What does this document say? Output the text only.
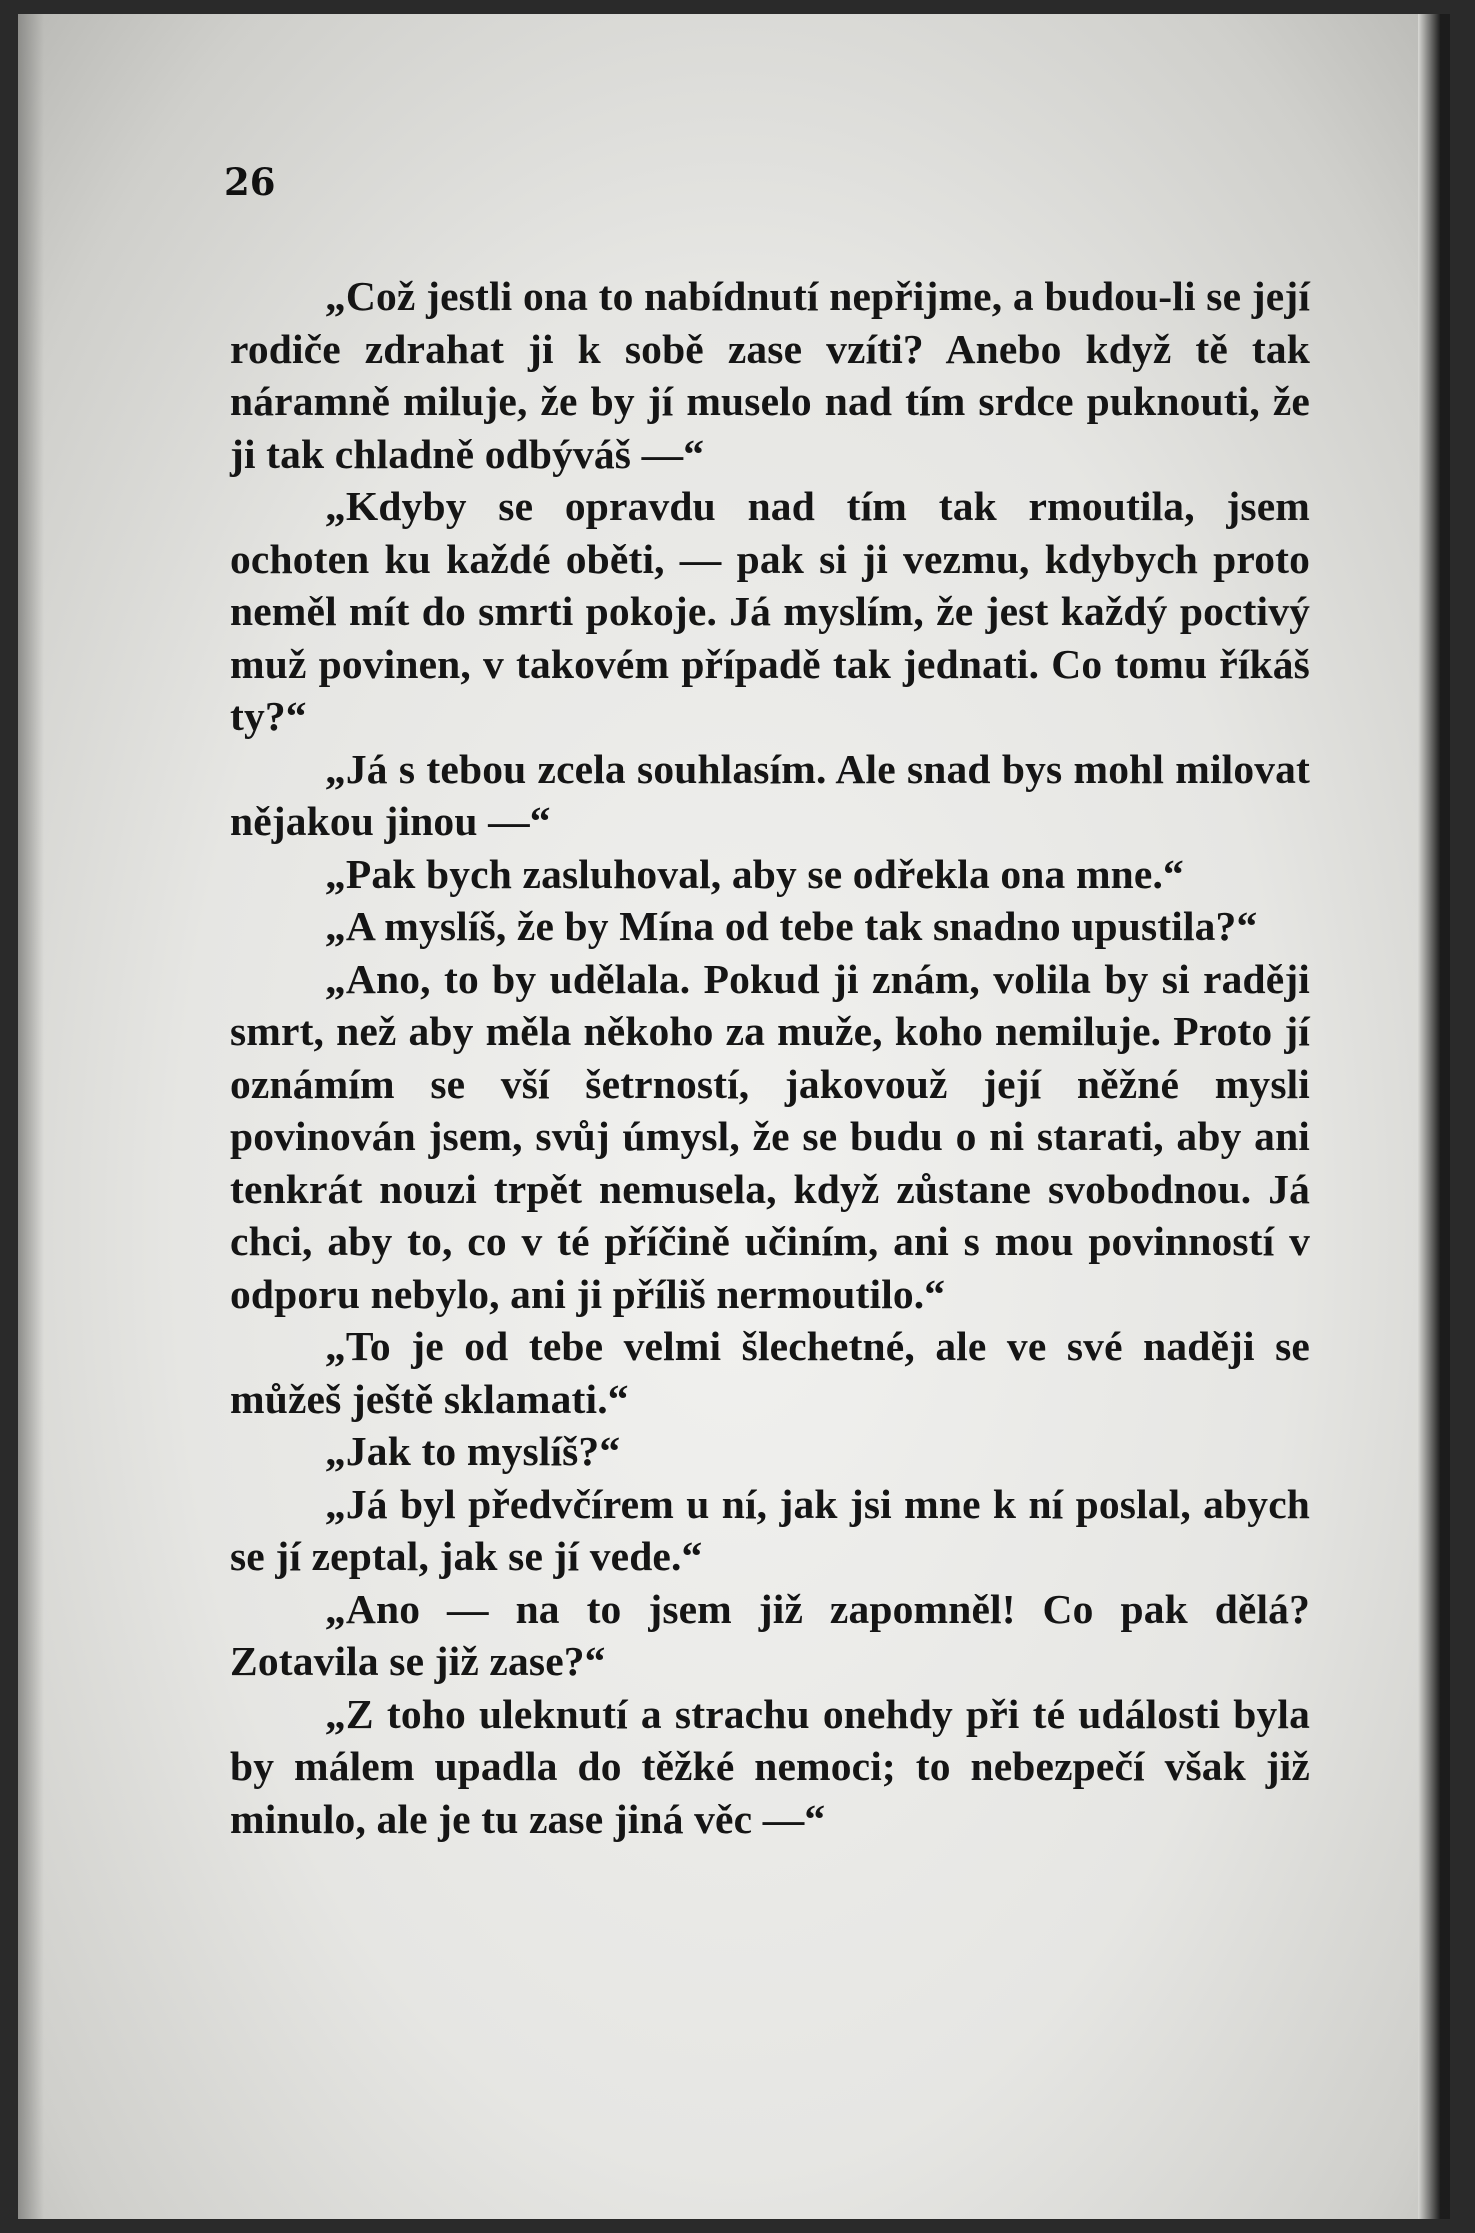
26

„Což jestli ona to nabídnutí nepřijme, a budou-li se její rodiče zdrahat ji k sobě zase vzíti? Anebo když tě tak náramně miluje, že by jí muselo nad tím srdce puknouti, že ji tak chladně odbýváš —“

„Kdyby se opravdu nad tím tak rmoutila, jsem ochoten ku každé oběti, — pak si ji vezmu, kdybych proto neměl mít do smrti pokoje. Já myslím, že jest každý poctivý muž povinen, v takovém případě tak jednati. Co tomu říkáš ty?“

„Já s tebou zcela souhlasím. Ale snad bys mohl milovat nějakou jinou —“

„Pak bych zasluhoval, aby se odřekla ona mne.“

„A myslíš, že by Mína od tebe tak snadno upustila?“

„Ano, to by udělala. Pokud ji znám, volila by si raději smrt, než aby měla někoho za muže, koho nemiluje. Proto jí oznámím se vší šetrností, jakovouž její něžné mysli povinován jsem, svůj úmysl, že se budu o ni starati, aby ani tenkrát nouzi trpět nemusela, když zůstane svobodnou. Já chci, aby to, co v té příčině učiním, ani s mou povinností v odporu nebylo, ani ji příliš nermoutilo.“

„To je od tebe velmi šlechetné, ale ve své naději se můžeš ještě sklamati.“

„Jak to myslíš?“

„Já byl předvčírem u ní, jak jsi mne k ní poslal, abych se jí zeptal, jak se jí vede.“

„Ano — na to jsem již zapomněl! Co pak dělá? Zotavila se již zase?“

„Z toho uleknutí a strachu onehdy při té události byla by málem upadla do těžké nemoci; to nebezpečí však již minulo, ale je tu zase jiná věc —“
